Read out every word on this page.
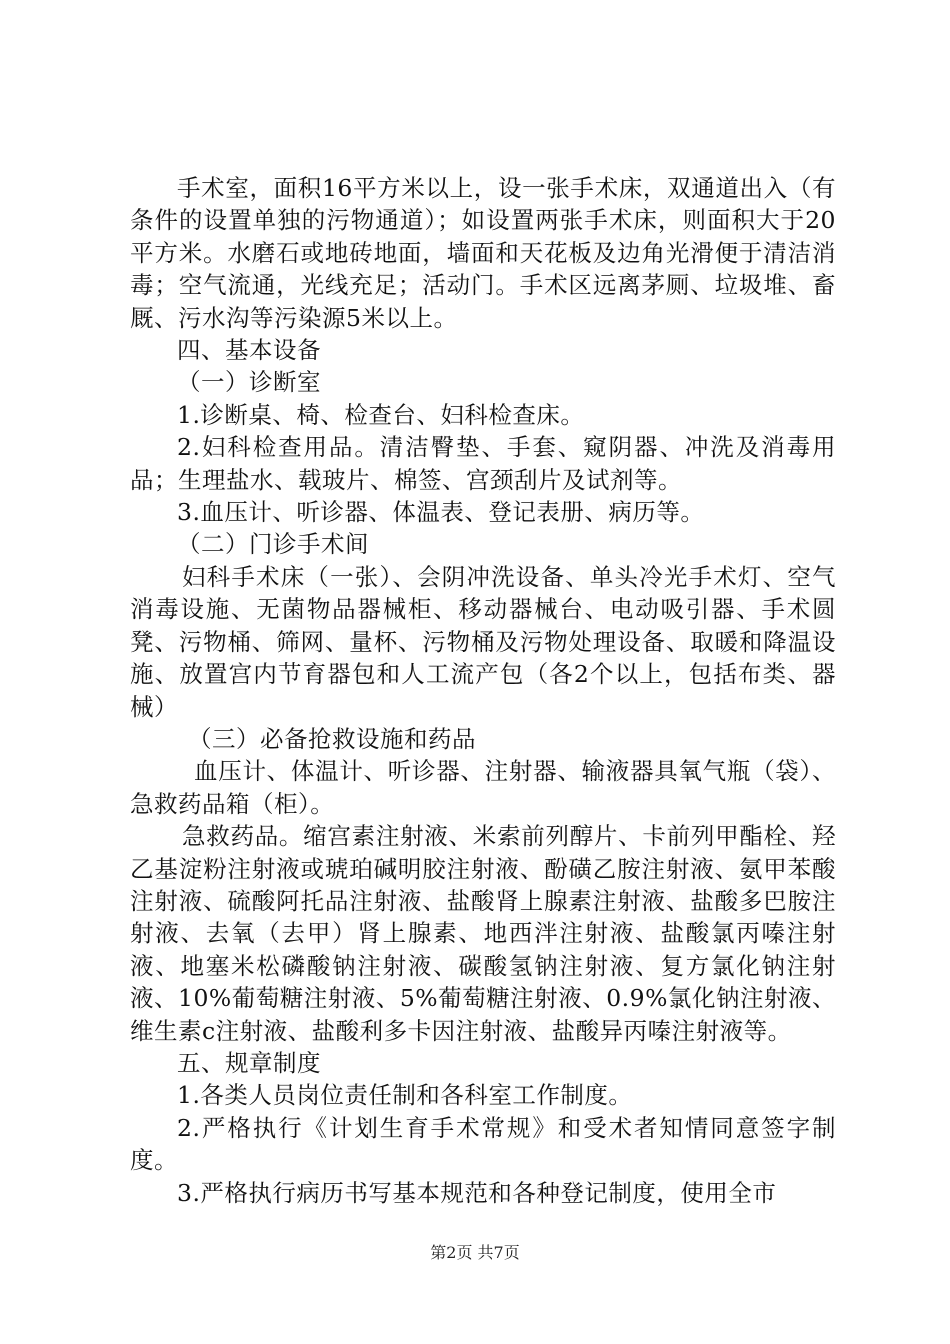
手术室，面积16平方米以上，设一张手术床，双通道出入（有条件的设置单独的污物通道）；如设置两张手术床，则面积大于20平方米。水磨石或地砖地面，墙面和天花板及边角光滑便于清洁消毒；空气流通，光线充足；活动门。手术区远离茅厕、垃圾堆、畜厩、污水沟等污染源5米以上。

四、基本设备

（一）诊断室

1.诊断桌、椅、检查台、妇科检查床。

2.妇科检查用品。清洁臀垫、手套、窥阴器、冲洗及消毒用品；生理盐水、载玻片、棉签、宫颈刮片及试剂等。

3.血压计、听诊器、体温表、登记表册、病历等。

（二）门诊手术间

妇科手术床（一张）、会阴冲洗设备、单头冷光手术灯、空气消毒设施、无菌物品器械柜、移动器械台、电动吸引器、手术圆凳、污物桶、筛网、量杯、污物桶及污物处理设备、取暖和降温设施、放置宫内节育器包和人工流产包（各2个以上，包括布类、器械）

（三）必备抢救设施和药品

血压计、体温计、听诊器、注射器、输液器具氧气瓶（袋）、急救药品箱（柜）。

急救药品。缩宫素注射液、米索前列醇片、卡前列甲酯栓、羟乙基淀粉注射液或琥珀碱明胶注射液、酚磺乙胺注射液、氨甲苯酸注射液、硫酸阿托品注射液、盐酸肾上腺素注射液、盐酸多巴胺注射液、去氧（去甲）肾上腺素、地西泮注射液、盐酸氯丙嗪注射液、地塞米松磷酸钠注射液、碳酸氢钠注射液、复方氯化钠注射液、10%葡萄糖注射液、5%葡萄糖注射液、0.9%氯化钠注射液、维生素c注射液、盐酸利多卡因注射液、盐酸异丙嗪注射液等。

五、规章制度

1.各类人员岗位责任制和各科室工作制度。

2.严格执行《计划生育手术常规》和受术者知情同意签字制度。

3.严格执行病历书写基本规范和各种登记制度，使用全市

第2页 共7页
